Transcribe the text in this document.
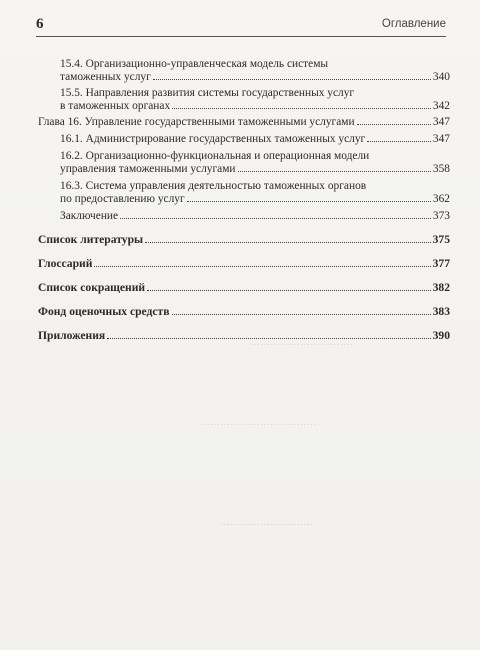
·······························
···································
····························
6	Оглавление
15.4. Организационно-управленческая модель системы
таможенных услуг	340
15.5. Направления развития системы государственных услуг
в таможенных органах	342
Глава 16. Управление государственными таможенными услугами	347
16.1. Администрирование государственных таможенных услуг	347
16.2. Организационно-функциональная и операционная модели
управления таможенными услугами	358
16.3. Система управления деятельностью таможенных органов
по предоставлению услуг	362
Заключение	373
Список литературы	375
Глоссарий	377
Список сокращений	382
Фонд оценочных средств	383
Приложения	390
